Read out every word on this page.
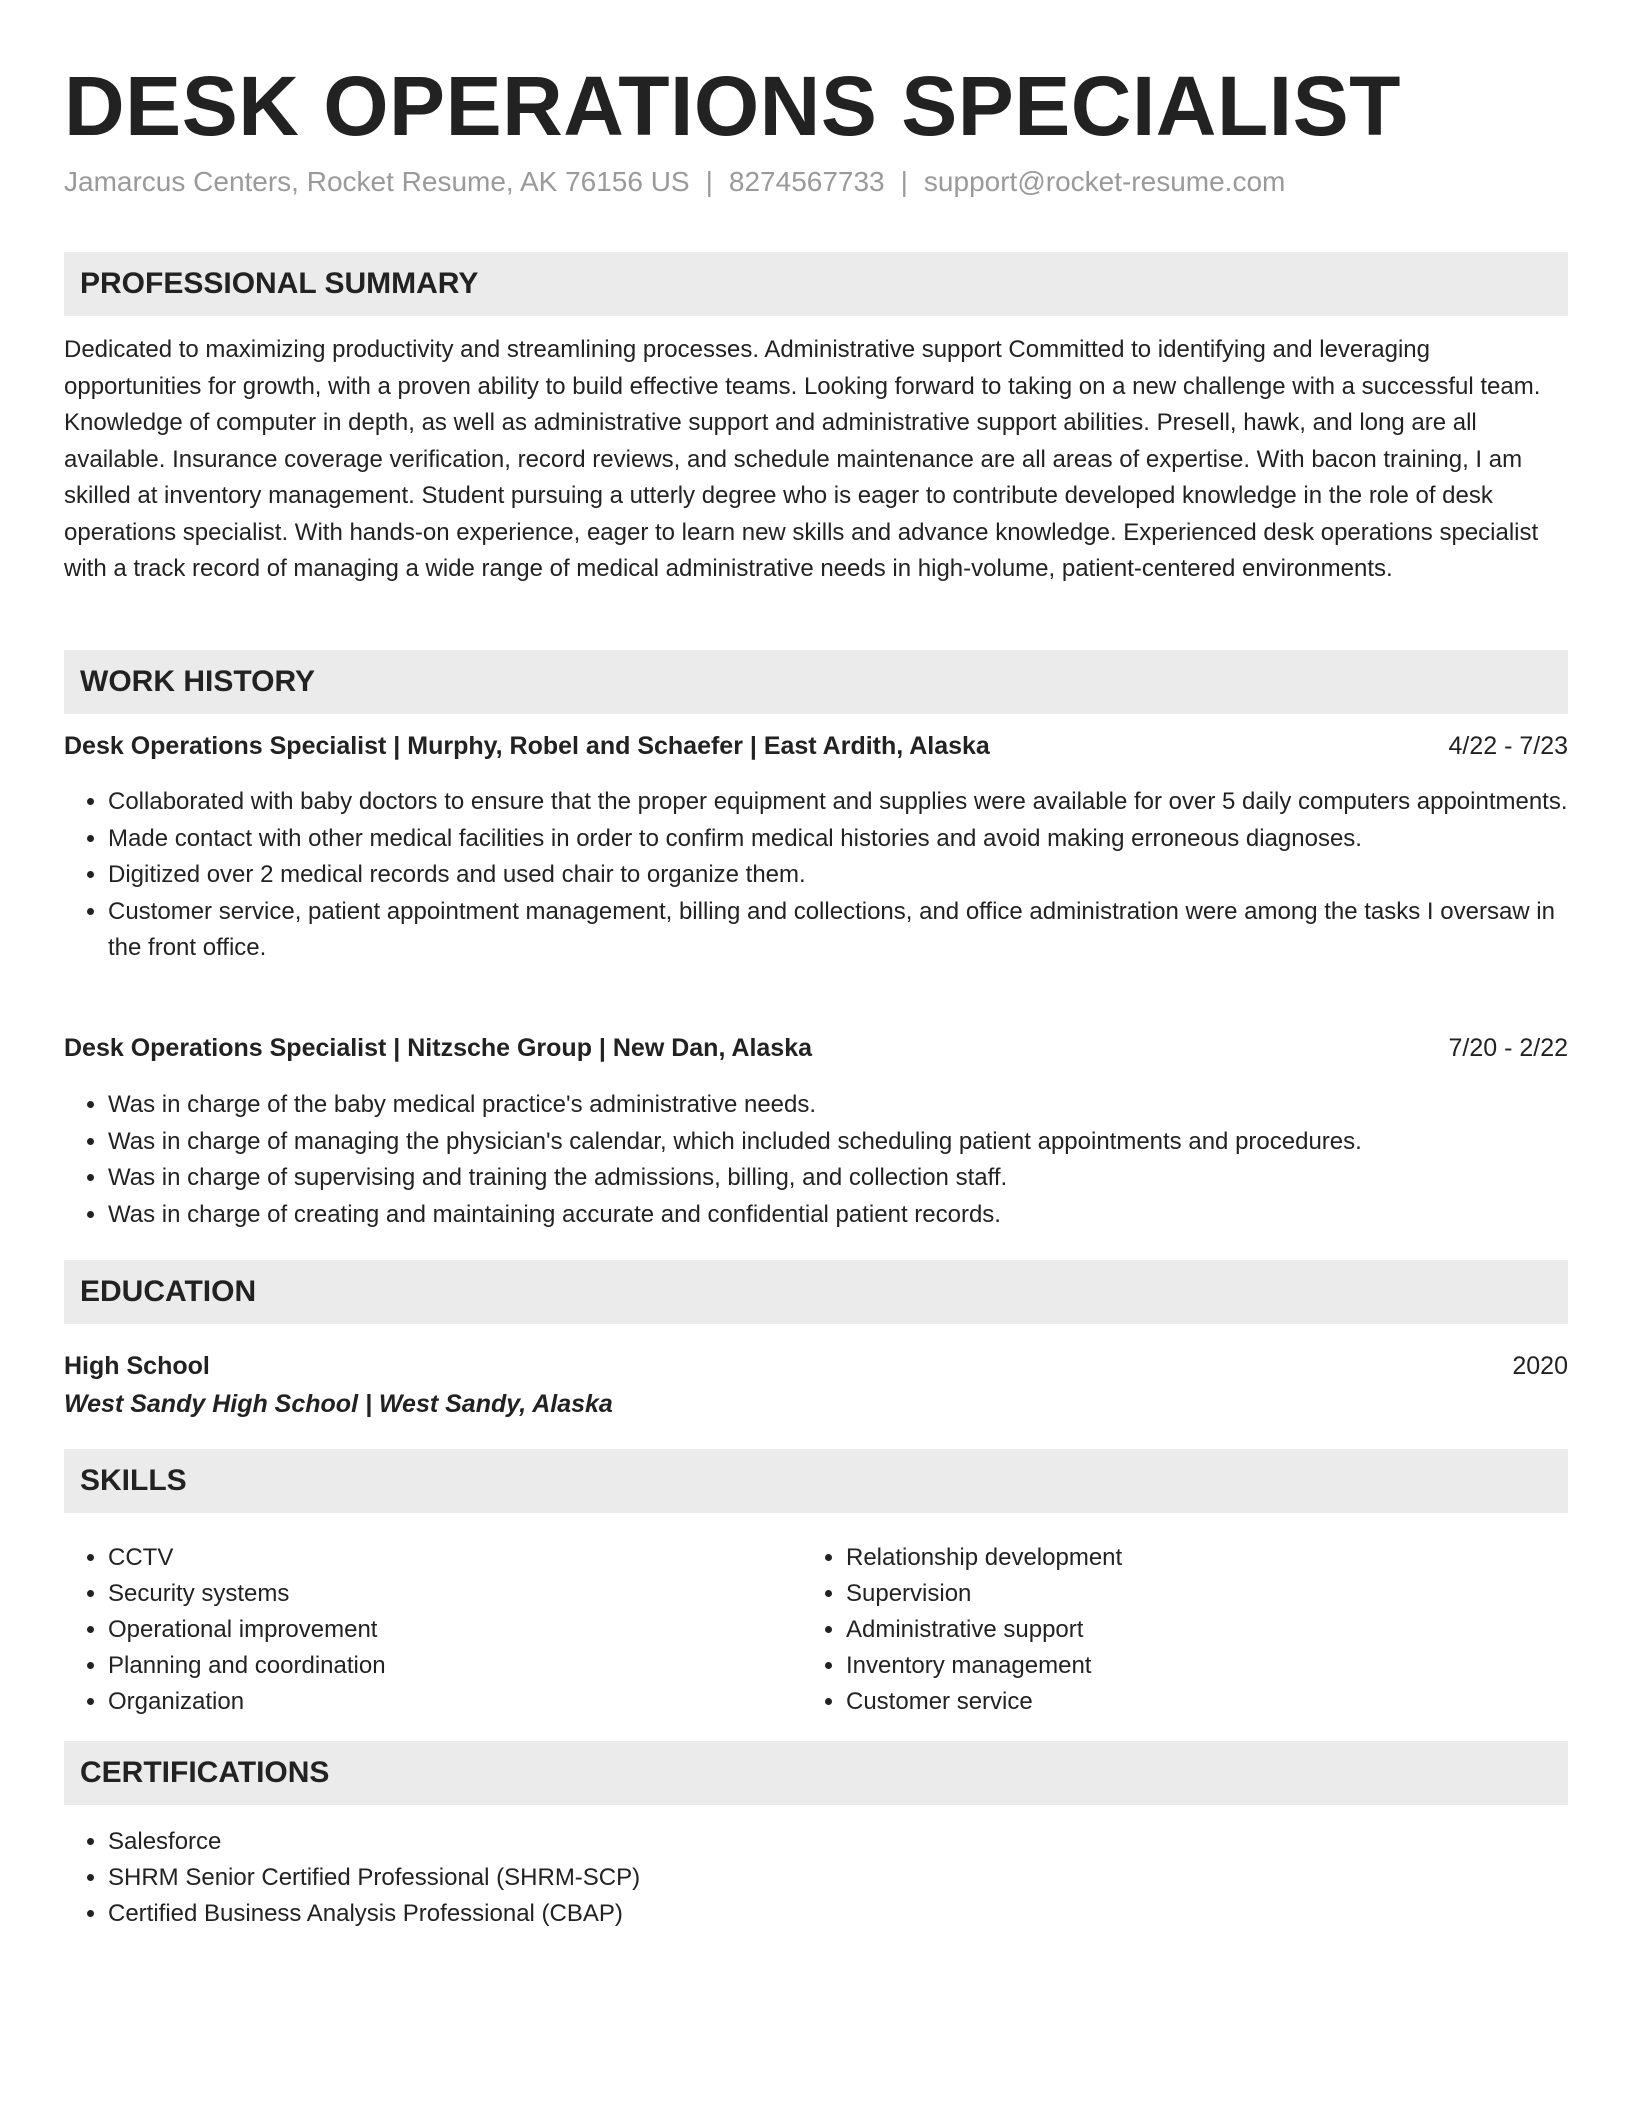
DESK OPERATIONS SPECIALIST
Jamarcus Centers, Rocket Resume, AK 76156 US | 8274567733 | support@rocket-resume.com
PROFESSIONAL SUMMARY

Dedicated to maximizing productivity and streamlining processes. Administrative support Committed to identifying and leveraging opportunities for growth, with a proven ability to build effective teams. Looking forward to taking on a new challenge with a successful team. Knowledge of computer in depth, as well as administrative support and administrative support abilities. Presell, hawk, and long are all available. Insurance coverage verification, record reviews, and schedule maintenance are all areas of expertise. With bacon training, I am skilled at inventory management. Student pursuing a utterly degree who is eager to contribute developed knowledge in the role of desk operations specialist. With hands-on experience, eager to learn new skills and advance knowledge. Experienced desk operations specialist with a track record of managing a wide range of medical administrative needs in high-volume, patient-centered environments.

WORK HISTORY
Desk Operations Specialist | Murphy, Robel and Schaefer | East Ardith, Alaska	4/22 - 7/23
• Collaborated with baby doctors to ensure that the proper equipment and supplies were available for over 5 daily computers appointments.
• Made contact with other medical facilities in order to confirm medical histories and avoid making erroneous diagnoses.
• Digitized over 2 medical records and used chair to organize them.
• Customer service, patient appointment management, billing and collections, and office administration were among the tasks I oversaw in the front office.
Desk Operations Specialist | Nitzsche Group | New Dan, Alaska	7/20 - 2/22
• Was in charge of the baby medical practice's administrative needs.
• Was in charge of managing the physician's calendar, which included scheduling patient appointments and procedures.
• Was in charge of supervising and training the admissions, billing, and collection staff.
• Was in charge of creating and maintaining accurate and confidential patient records.
EDUCATION
High School	2020
West Sandy High School | West Sandy, Alaska
SKILLS
• CCTV
• Security systems
• Operational improvement
• Planning and coordination
• Organization
• Relationship development
• Supervision
• Administrative support
• Inventory management
• Customer service
CERTIFICATIONS
• Salesforce
• SHRM Senior Certified Professional (SHRM-SCP)
• Certified Business Analysis Professional (CBAP)
